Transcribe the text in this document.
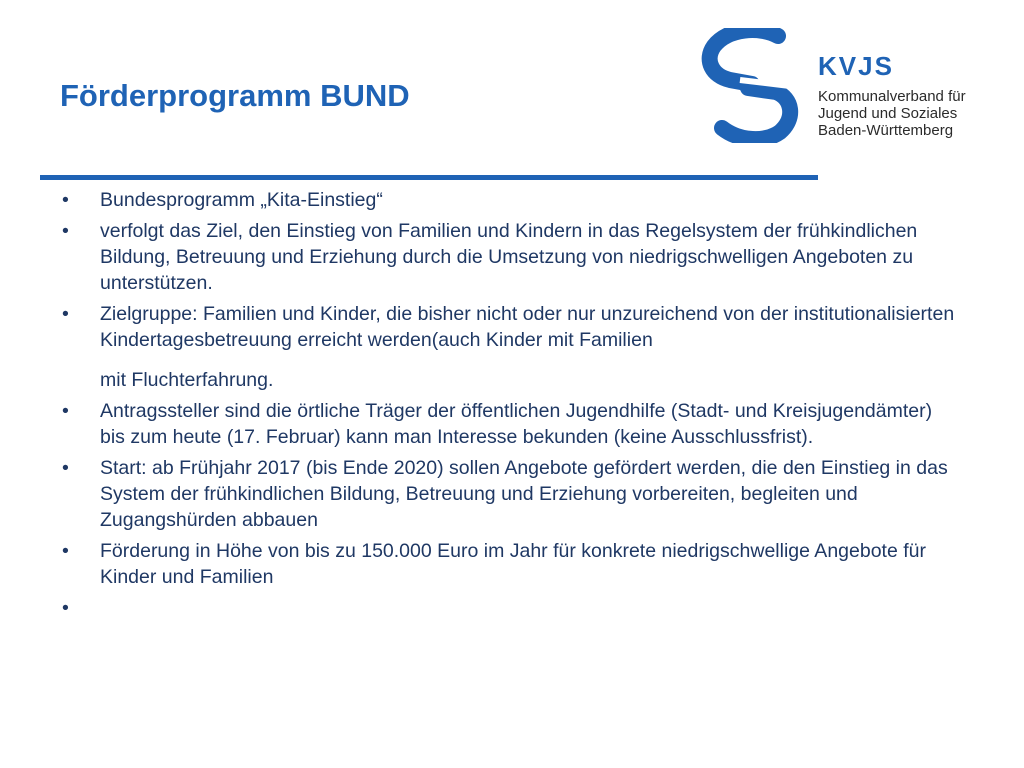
Förderprogramm BUND
KVJS
Kommunalverband für
Jugend und Soziales
Baden-Württemberg
•	Bundesprogramm „Kita-Einstieg“
•	verfolgt das Ziel, den Einstieg von Familien und Kindern in das Regelsystem der frühkindlichen Bildung, Betreuung und Erziehung durch die Umsetzung von niedrigschwelligen Angeboten zu unterstützen.
•	Zielgruppe: Familien und Kinder, die bisher nicht oder nur unzureichend von der institutionalisierten Kindertagesbetreuung erreicht werden(auch Kinder mit Familien
mit Fluchterfahrung.
•	Antragssteller sind die örtliche Träger der öffentlichen Jugendhilfe (Stadt- und Kreisjugendämter) bis zum heute (17. Februar) kann man Interesse bekunden (keine Ausschlussfrist).
•	Start: ab Frühjahr 2017 (bis Ende 2020) sollen Angebote gefördert werden, die den Einstieg in das System der frühkindlichen Bildung, Betreuung und Erziehung vorbereiten, begleiten und Zugangshürden abbauen
•	Förderung in Höhe von bis zu 150.000 Euro im Jahr für konkrete niedrigschwellige Angebote für Kinder und Familien
•
